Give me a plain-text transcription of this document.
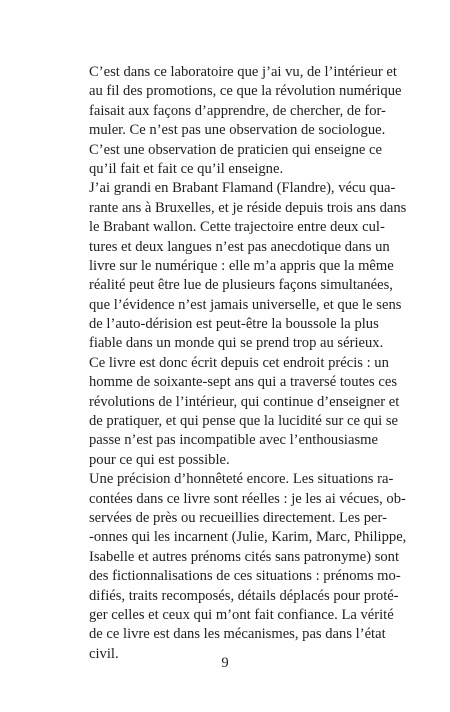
C’est dans ce laboratoire que j’ai vu, de l’intérieur et
au fil des promotions, ce que la révolution numérique
faisait aux façons d’apprendre, de chercher, de for-
muler. Ce n’est pas une observation de sociologue.
C’est une observation de praticien qui enseigne ce
qu’il fait et fait ce qu’il enseigne.
J’ai grandi en Brabant Flamand (Flandre), vécu qua-
rante ans à Bruxelles, et je réside depuis trois ans dans
le Brabant wallon. Cette trajectoire entre deux cul-
tures et deux langues n’est pas anecdotique dans un
livre sur le numérique : elle m’a appris que la même
réalité peut être lue de plusieurs façons simultanées,
que l’évidence n’est jamais universelle, et que le sens
de l’auto-dérision est peut-être la boussole la plus
fiable dans un monde qui se prend trop au sérieux.
Ce livre est donc écrit depuis cet endroit précis : un
homme de soixante-sept ans qui a traversé toutes ces
révolutions de l’intérieur, qui continue d’enseigner et
de pratiquer, et qui pense que la lucidité sur ce qui se
passe n’est pas incompatible avec l’enthousiasme
pour ce qui est possible.
Une précision d’honnêteté encore. Les situations ra-
contées dans ce livre sont réelles : je les ai vécues, ob-
servées de près ou recueillies directement. Les per-
-onnes qui les incarnent (Julie, Karim, Marc, Philippe,
Isabelle et autres prénoms cités sans patronyme) sont
des fictionnalisations de ces situations : prénoms mo-
difiés, traits recomposés, détails déplacés pour proté-
ger celles et ceux qui m’ont fait confiance. La vérité
de ce livre est dans les mécanismes, pas dans l’état
civil.
9
